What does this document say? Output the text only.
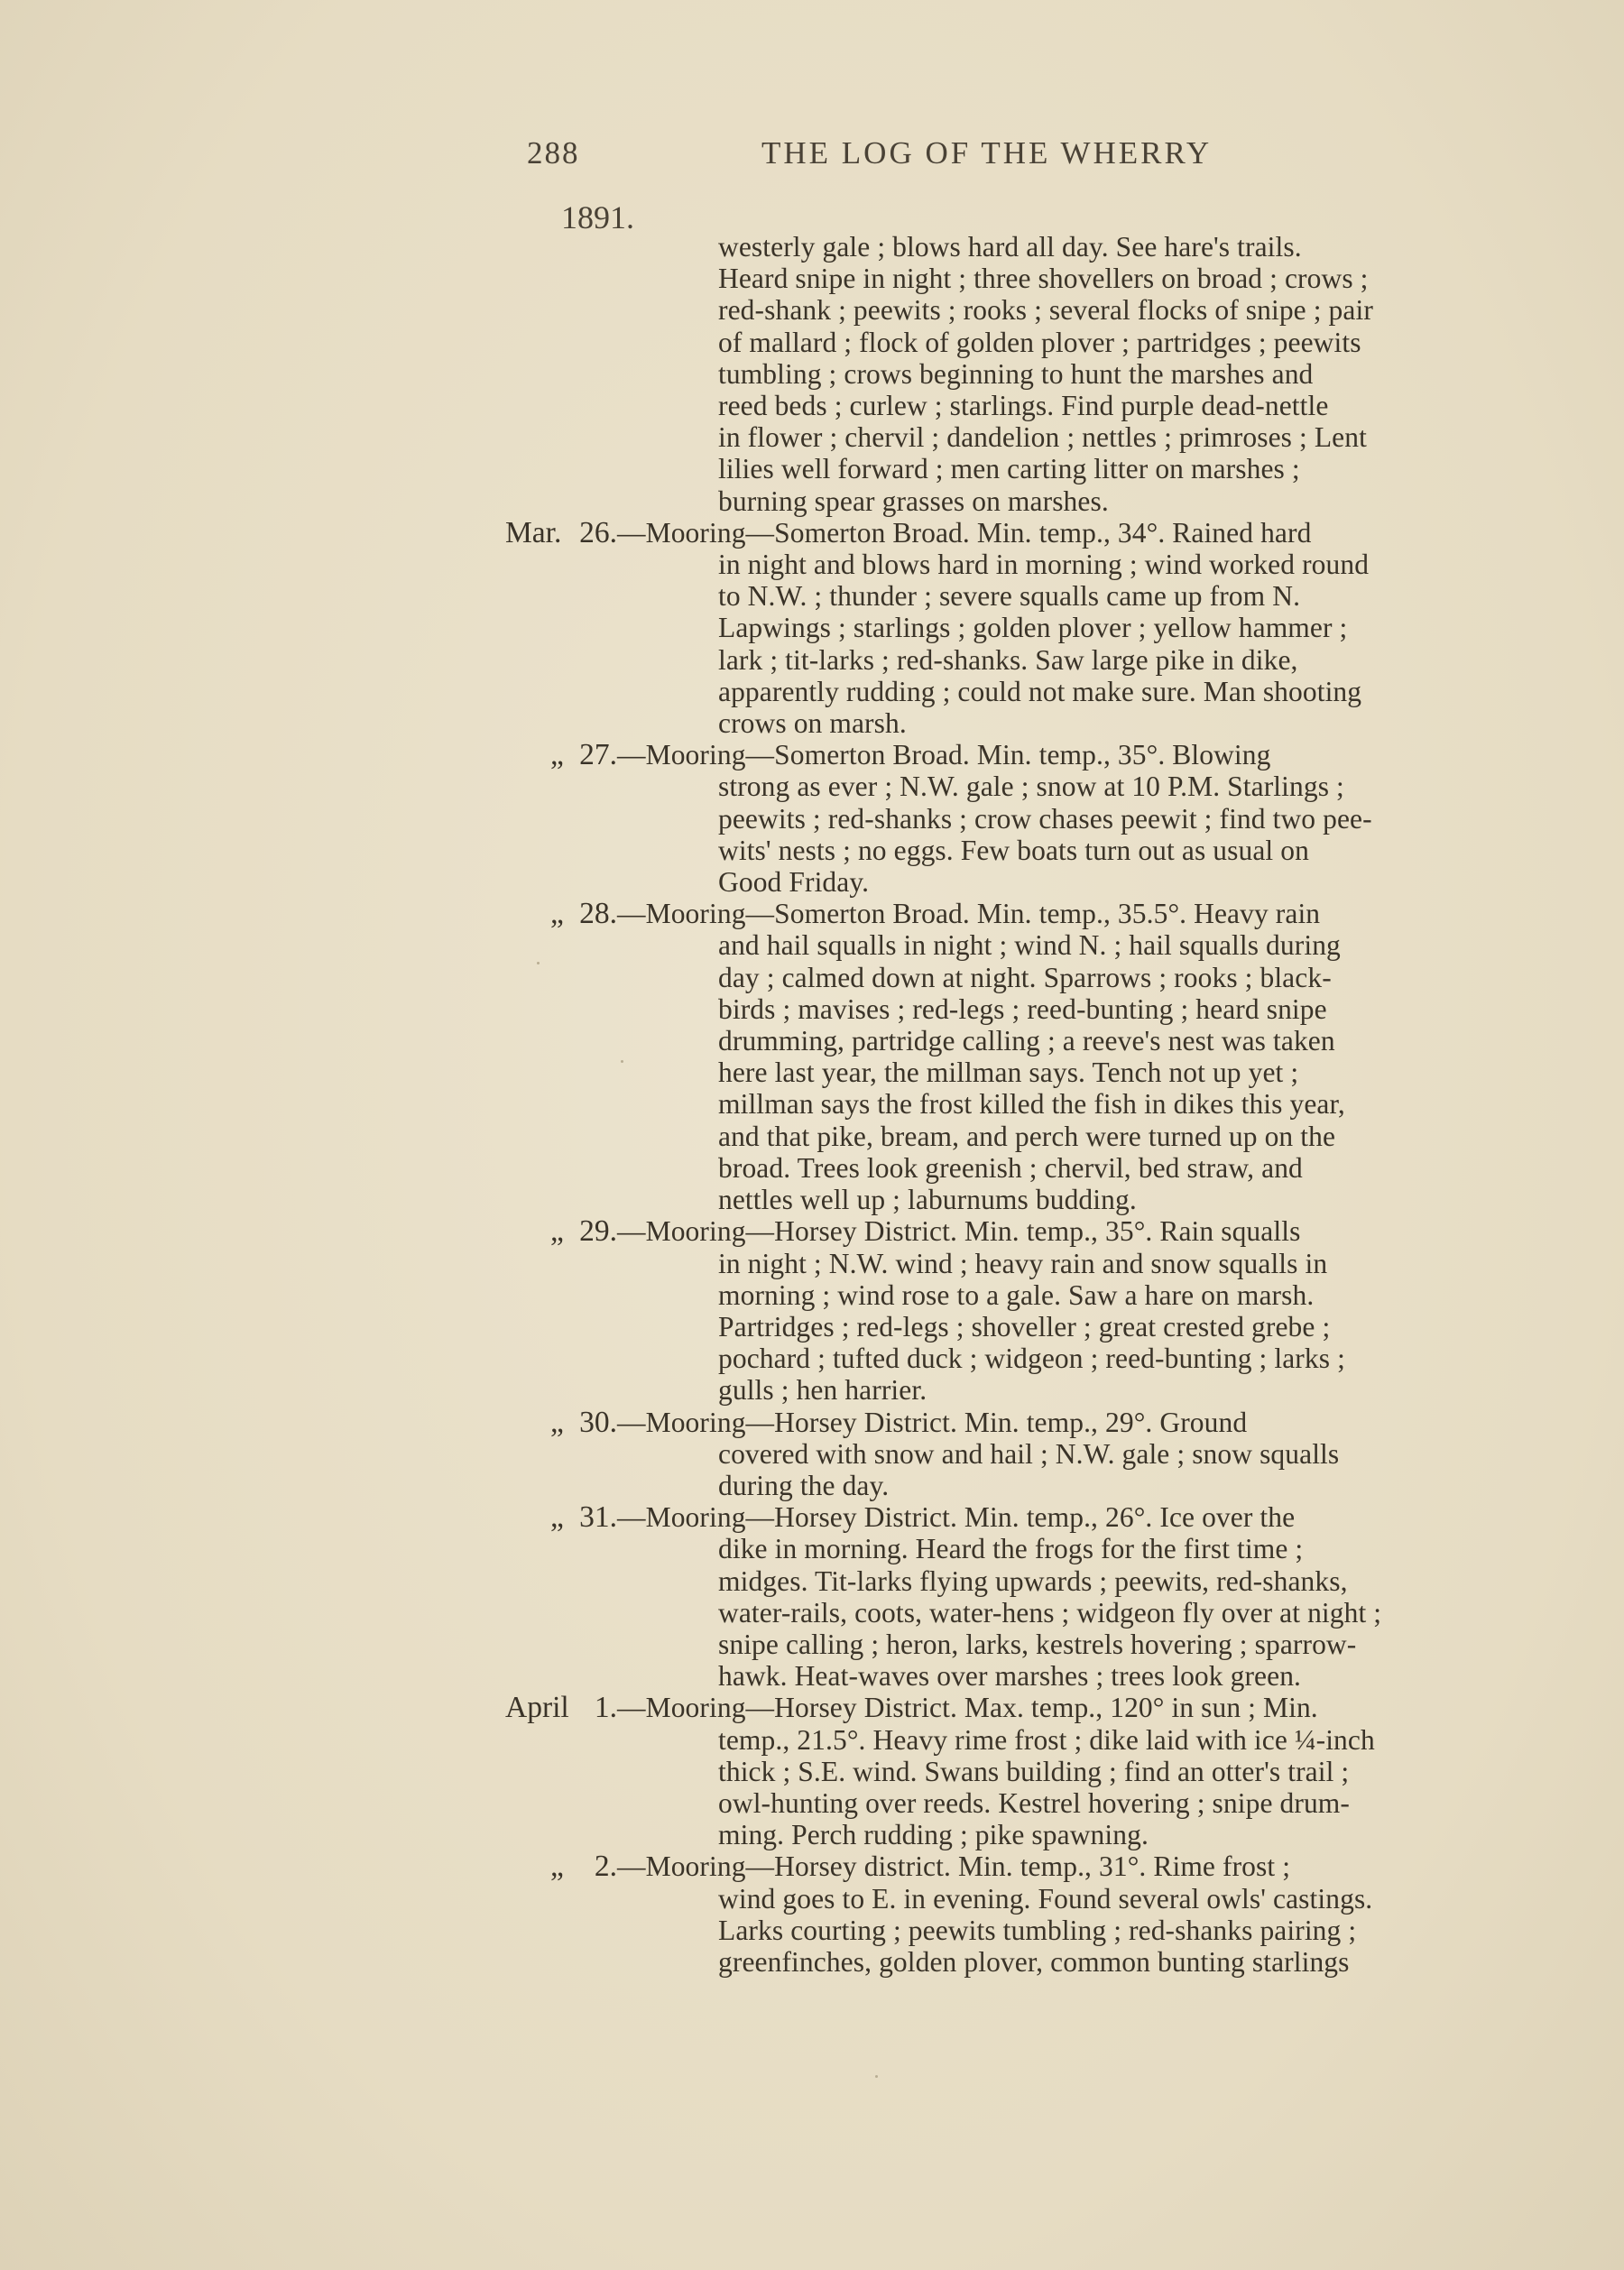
288	THE LOG OF THE WHERRY
1891.
westerly gale ; blows hard all day. See hare's trails.
Heard snipe in night ; three shovellers on broad ; crows ;
red-shank ; peewits ; rooks ; several flocks of snipe ; pair
of mallard ; flock of golden plover ; partridges ; peewits
tumbling ; crows beginning to hunt the marshes and
reed beds ; curlew ; starlings. Find purple dead-nettle
in flower ; chervil ; dandelion ; nettles ; primroses ; Lent
lilies well forward ; men carting litter on marshes ;
burning spear grasses on marshes.
Mar. 26. —Mooring—Somerton Broad. Min. temp., 34°. Rained hard
in night and blows hard in morning ; wind worked round
to N.W. ; thunder ; severe squalls came up from N.
Lapwings ; starlings ; golden plover ; yellow hammer ;
lark ; tit-larks ; red-shanks. Saw large pike in dike,
apparently rudding ; could not make sure. Man shooting
crows on marsh.
„ 27. —Mooring—Somerton Broad. Min. temp., 35°. Blowing
strong as ever ; N.W. gale ; snow at 10 P.M. Starlings ;
peewits ; red-shanks ; crow chases peewit ; find two pee-
wits' nests ; no eggs. Few boats turn out as usual on
Good Friday.
„ 28. —Mooring—Somerton Broad. Min. temp., 35.5°. Heavy rain
and hail squalls in night ; wind N. ; hail squalls during
day ; calmed down at night. Sparrows ; rooks ; black-
birds ; mavises ; red-legs ; reed-bunting ; heard snipe
drumming, partridge calling ; a reeve's nest was taken
here last year, the millman says. Tench not up yet ;
millman says the frost killed the fish in dikes this year,
and that pike, bream, and perch were turned up on the
broad. Trees look greenish ; chervil, bed straw, and
nettles well up ; laburnums budding.
„ 29. —Mooring—Horsey District. Min. temp., 35°. Rain squalls
in night ; N.W. wind ; heavy rain and snow squalls in
morning ; wind rose to a gale. Saw a hare on marsh.
Partridges ; red-legs ; shoveller ; great crested grebe ;
pochard ; tufted duck ; widgeon ; reed-bunting ; larks ;
gulls ; hen harrier.
„ 30. —Mooring—Horsey District. Min. temp., 29°. Ground
covered with snow and hail ; N.W. gale ; snow squalls
during the day.
„ 31. —Mooring—Horsey District. Min. temp., 26°. Ice over the
dike in morning. Heard the frogs for the first time ;
midges. Tit-larks flying upwards ; peewits, red-shanks,
water-rails, coots, water-hens ; widgeon fly over at night ;
snipe calling ; heron, larks, kestrels hovering ; sparrow-
hawk. Heat-waves over marshes ; trees look green.
April 1. —Mooring—Horsey District. Max. temp., 120° in sun ; Min.
temp., 21.5°. Heavy rime frost ; dike laid with ice ¼-inch
thick ; S.E. wind. Swans building ; find an otter's trail ;
owl-hunting over reeds. Kestrel hovering ; snipe drum-
ming. Perch rudding ; pike spawning.
„ 2. —Mooring—Horsey district. Min. temp., 31°. Rime frost ;
wind goes to E. in evening. Found several owls' castings.
Larks courting ; peewits tumbling ; red-shanks pairing ;
greenfinches, golden plover, common bunting starlings
